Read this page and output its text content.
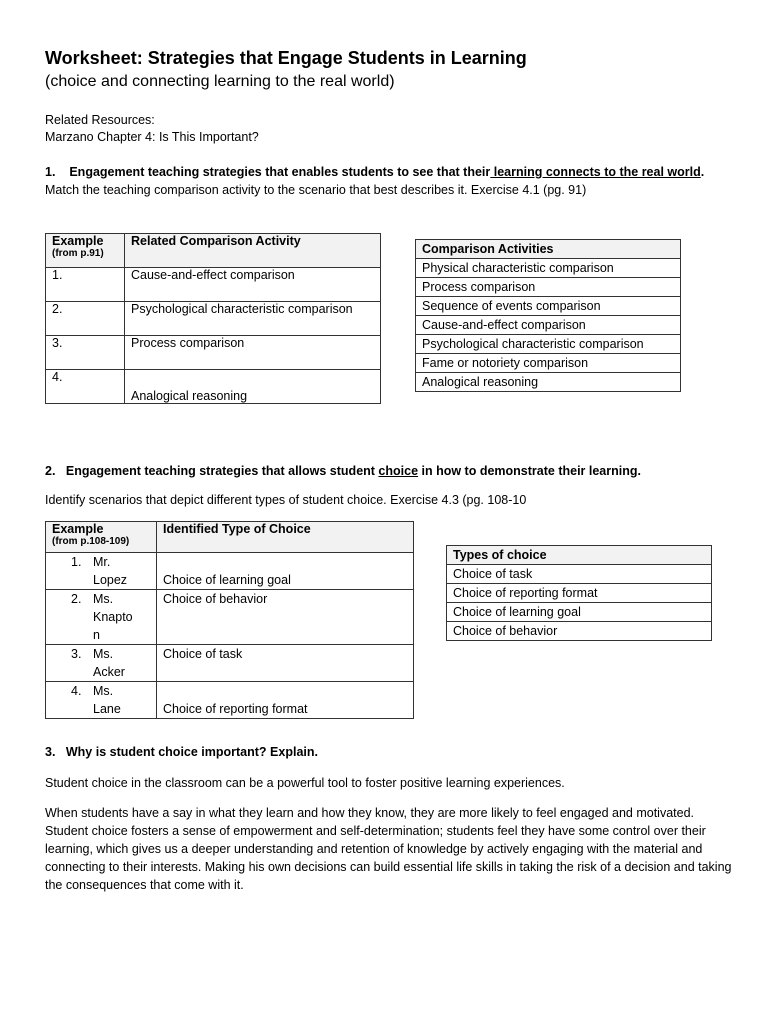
Worksheet: Strategies that Engage Students in Learning
(choice and connecting learning to the real world)
Related Resources:
Marzano Chapter 4: Is This Important?
1. Engagement teaching strategies that enables students to see that their learning connects to the real world.
Match the teaching comparison activity to the scenario that best describes it. Exercise 4.1 (pg. 91)
Example
(from p.91)	Related Comparison Activity
1.	Cause-and-effect comparison
2.	Psychological characteristic comparison
3.	Process comparison
4.	Analogical reasoning
Comparison Activities
Physical characteristic comparison
Process comparison
Sequence of events comparison
Cause-and-effect comparison
Psychological characteristic comparison
Fame or notoriety comparison
Analogical reasoning
2. Engagement teaching strategies that allows student choice in how to demonstrate their learning.
Identify scenarios that depict different types of student choice. Exercise 4.3 (pg. 108-10
Example
(from p.108-109)	Identified Type of Choice
1. Mr.
Lopez	Choice of learning goal
2. Ms.
Knapto
n	Choice of behavior
3. Ms.
Acker	Choice of task
4. Ms.
Lane	Choice of reporting format
Types of choice
Choice of task
Choice of reporting format
Choice of learning goal
Choice of behavior
3. Why is student choice important? Explain.
Student choice in the classroom can be a powerful tool to foster positive learning experiences.
When students have a say in what they learn and how they know, they are more likely to feel engaged and motivated. Student choice fosters a sense of empowerment and self-determination; students feel they have some control over their learning, which gives us a deeper understanding and retention of knowledge by actively engaging with the material and connecting to their interests. Making his own decisions can build essential life skills in taking the risk of a decision and taking the consequences that come with it.
